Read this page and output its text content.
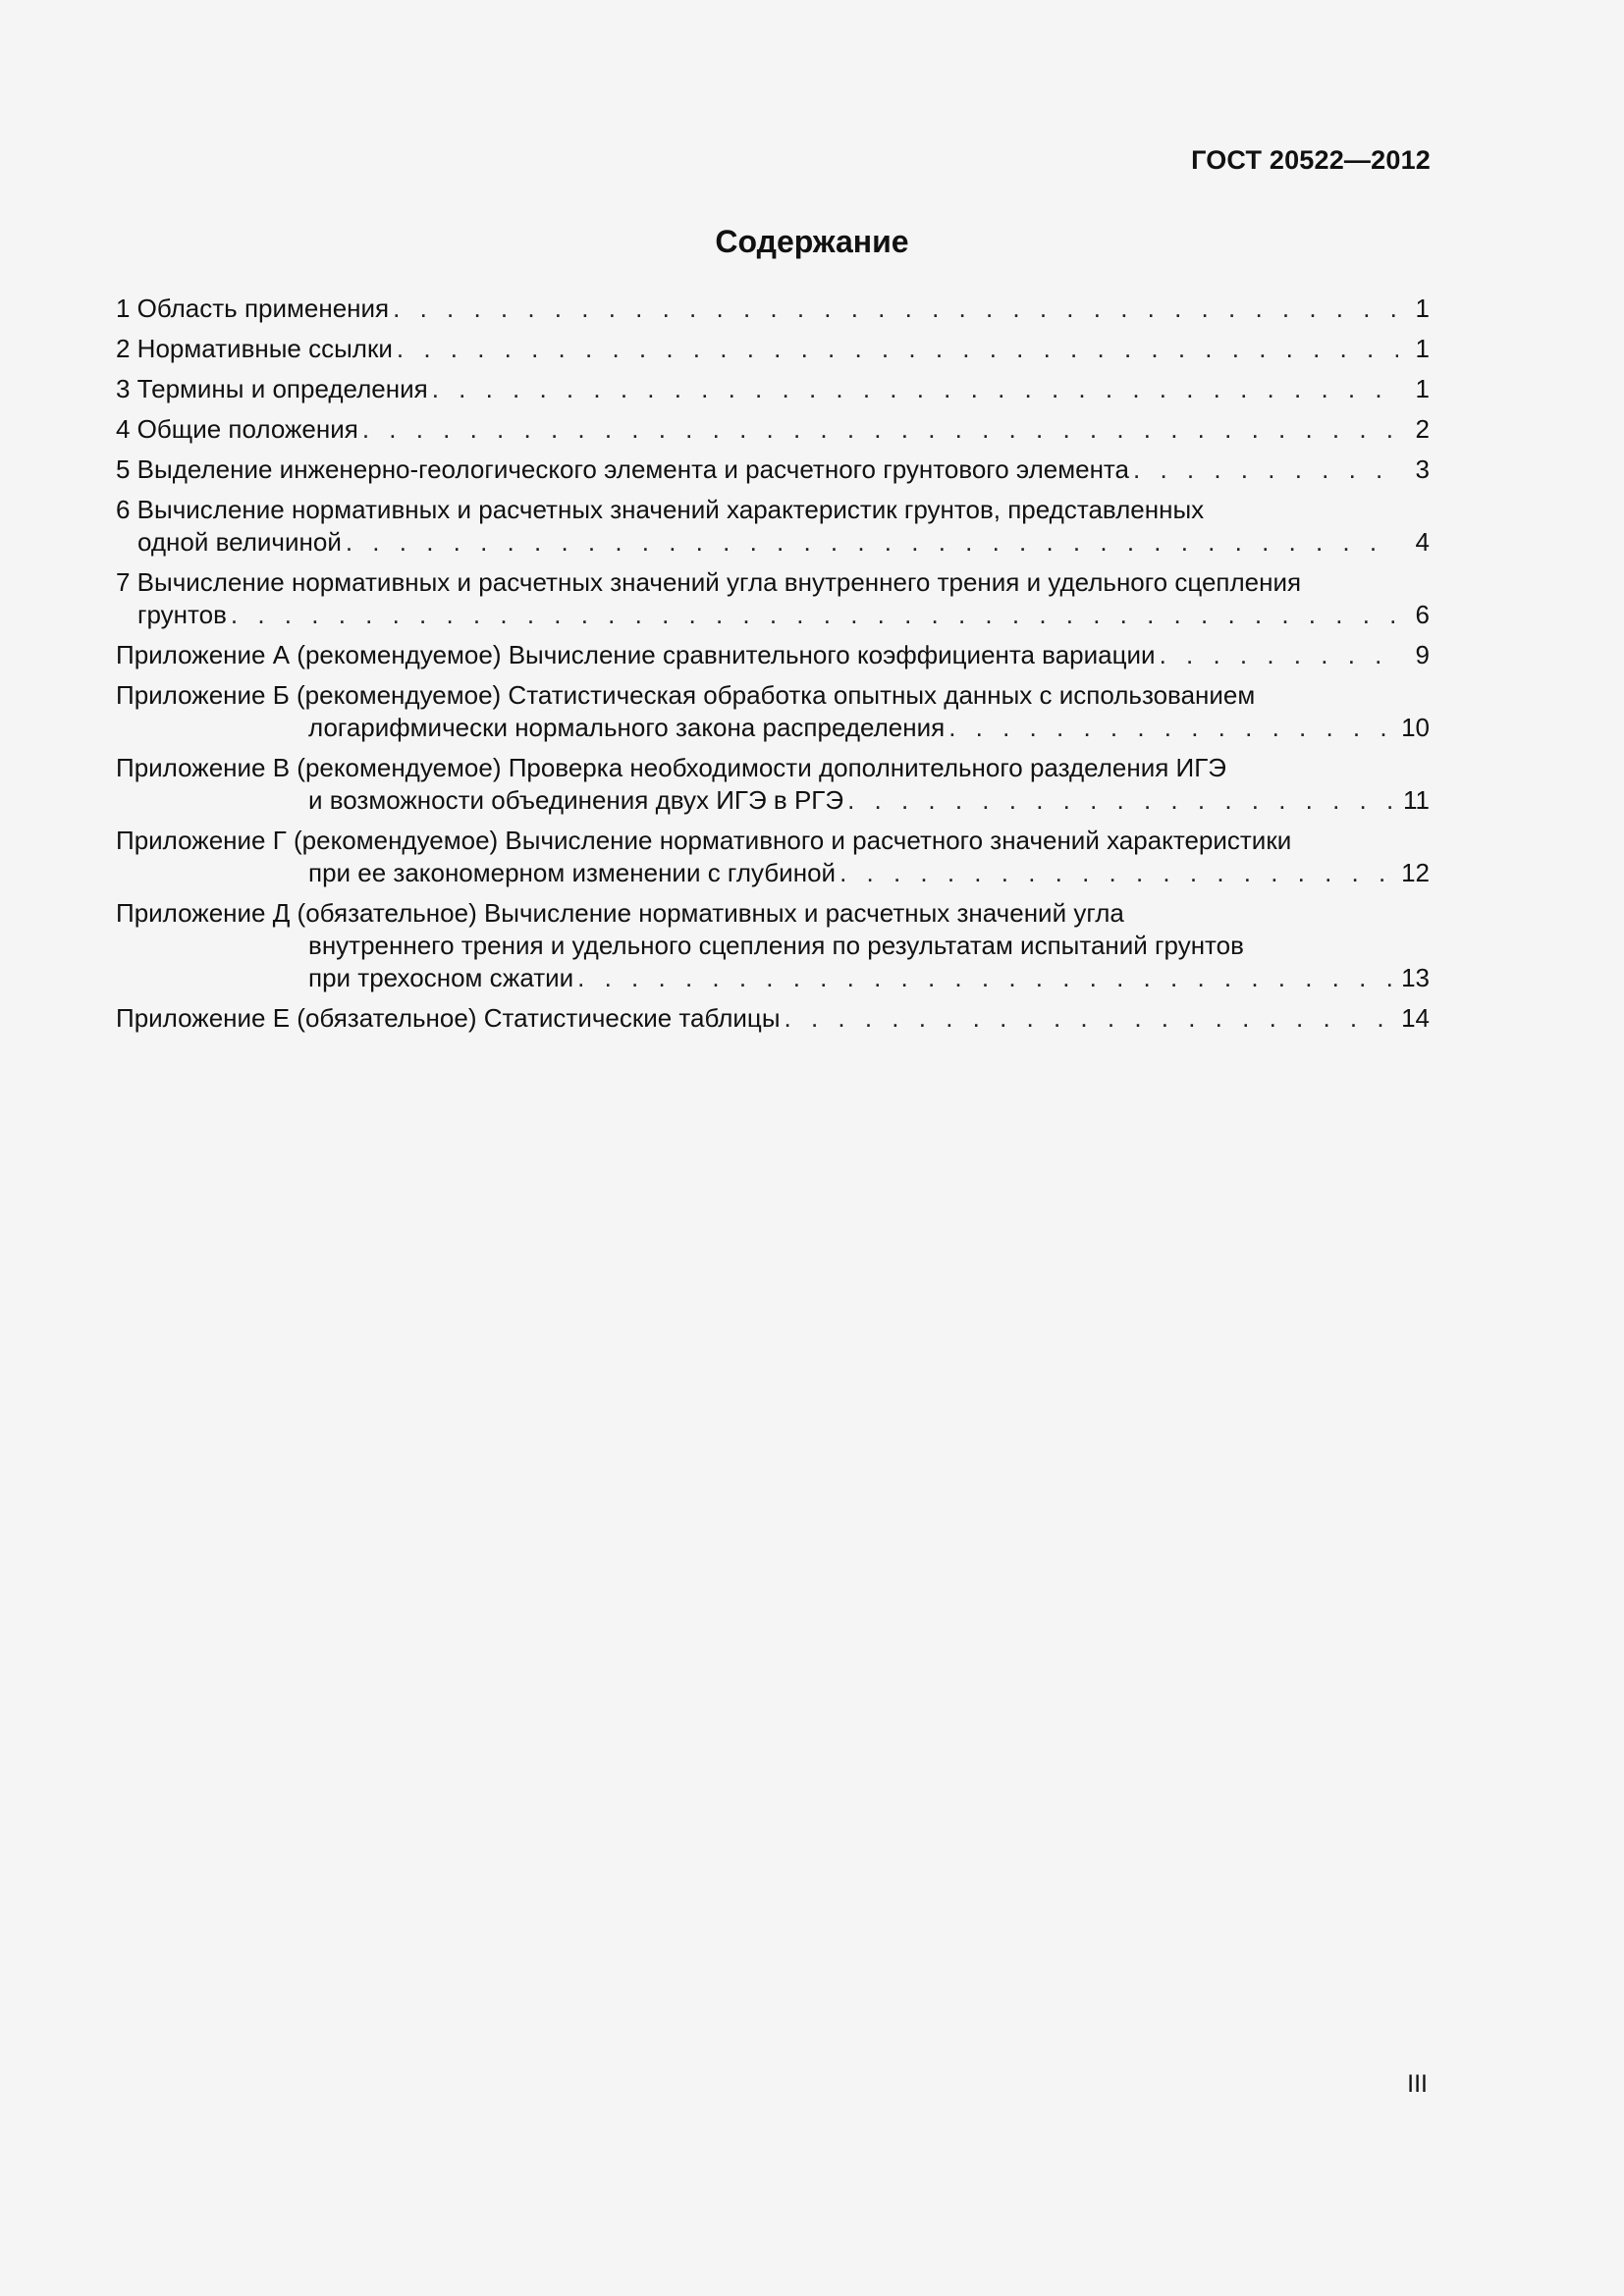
ГОСТ 20522—2012
Содержание
1 Область применения . . .	1
2 Нормативные ссылки . . .	1
3 Термины и определения . . .	1
4 Общие положения . . .	2
5 Выделение инженерно-геологического элемента и расчетного грунтового элемента . . .	3
6 Вычисление нормативных и расчетных значений характеристик грунтов, представленных
одной величиной . . .	4
7 Вычисление нормативных и расчетных значений угла внутреннего трения и удельного сцепления
грунтов . . .	6
Приложение А (рекомендуемое) Вычисление сравнительного коэффициента вариации . . .	9
Приложение Б (рекомендуемое) Статистическая обработка опытных данных с использованием
логарифмически нормального закона распределения . . .	10
Приложение В (рекомендуемое) Проверка необходимости дополнительного разделения ИГЭ
и возможности объединения двух ИГЭ в РГЭ . . .	11
Приложение Г (рекомендуемое) Вычисление нормативного и расчетного значений характеристики
при ее закономерном изменении с глубиной . . .	12
Приложение Д (обязательное) Вычисление нормативных и расчетных значений угла
внутреннего трения и удельного сцепления по результатам испытаний грунтов
при трехосном сжатии . . .	13
Приложение Е (обязательное) Статистические таблицы . . .	14
III
